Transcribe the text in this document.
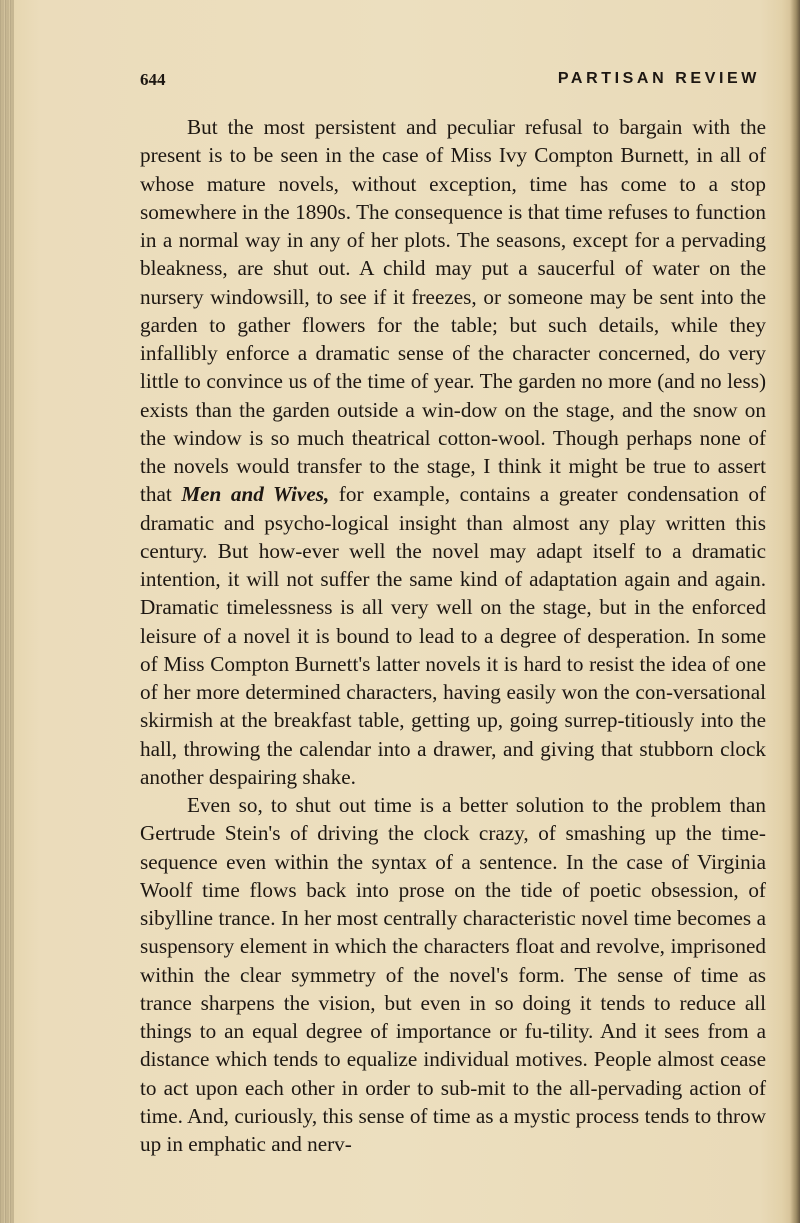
644	PARTISAN REVIEW

But the most persistent and peculiar refusal to bargain with the present is to be seen in the case of Miss Ivy Compton Burnett, in all of whose mature novels, without exception, time has come to a stop somewhere in the 1890s. The consequence is that time refuses to function in a normal way in any of her plots. The seasons, except for a pervading bleakness, are shut out. A child may put a saucerful of water on the nursery windowsill, to see if it freezes, or someone may be sent into the garden to gather flowers for the table; but such details, while they infallibly enforce a dramatic sense of the character concerned, do very little to convince us of the time of year. The garden no more (and no less) exists than the garden outside a win-dow on the stage, and the snow on the window is so much theatrical cotton-wool. Though perhaps none of the novels would transfer to the stage, I think it might be true to assert that Men and Wives, for example, contains a greater condensation of dramatic and psycho-logical insight than almost any play written this century. But how-ever well the novel may adapt itself to a dramatic intention, it will not suffer the same kind of adaptation again and again. Dramatic timelessness is all very well on the stage, but in the enforced leisure of a novel it is bound to lead to a degree of desperation. In some of Miss Compton Burnett's latter novels it is hard to resist the idea of one of her more determined characters, having easily won the con-versational skirmish at the breakfast table, getting up, going surrep-titiously into the hall, throwing the calendar into a drawer, and giving that stubborn clock another despairing shake.

Even so, to shut out time is a better solution to the problem than Gertrude Stein's of driving the clock crazy, of smashing up the time-sequence even within the syntax of a sentence. In the case of Virginia Woolf time flows back into prose on the tide of poetic obsession, of sibylline trance. In her most centrally characteristic novel time becomes a suspensory element in which the characters float and revolve, imprisoned within the clear symmetry of the novel's form. The sense of time as trance sharpens the vision, but even in so doing it tends to reduce all things to an equal degree of importance or fu-tility. And it sees from a distance which tends to equalize individual motives. People almost cease to act upon each other in order to sub-mit to the all-pervading action of time. And, curiously, this sense of time as a mystic process tends to throw up in emphatic and nerv-
